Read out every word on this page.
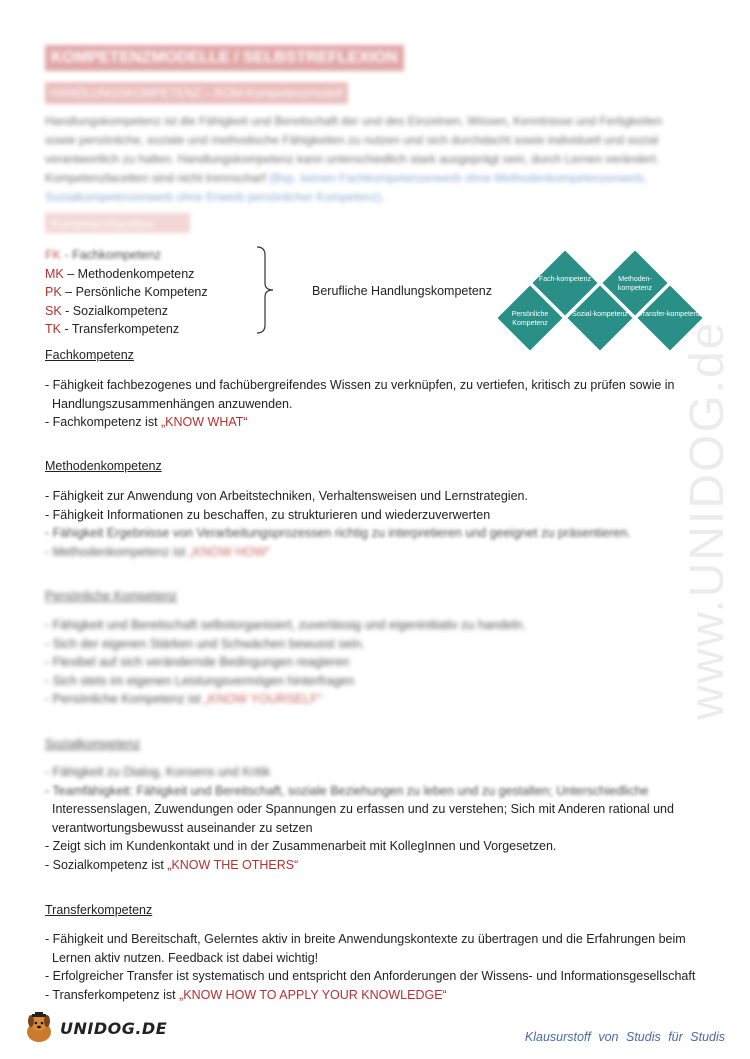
www.UNIDOG.de
KOMPETENZMODELLE / SELBSTREFLEXION
HANDLUNGSKOMPETENZ – ROM-Kompetenzmodell

Handlungskompetenz ist die Fähigkeit und Bereitschaft der und des Einzelnen, Wissen, Kenntnisse und Fertigkeiten sowie persönliche, soziale und methodische Fähigkeiten zu nutzen und sich durchdacht sowie individuell und sozial verantwortlich zu halten. Handlungskompetenz kann unterschiedlich stark ausgeprägt sein, durch Lernen verändert. Kompetenzfacetten sind nicht trennscharf (Bsp. keinen Fachkompetenzerwerb ohne Methodenkompetenzerwerb, Sozialkompetenzerwerb ohne Erwerb persönlicher Kompetenz).

Kompetenzfacetten
FK - Fachkompetenz
MK – Methodenkompetenz
PK – Persönliche Kompetenz
SK - Sozialkompetenz
TK - Transferkompetenz
Berufliche Handlungskompetenz
Fach-kompetenz	Methoden-kompetenz
Persönliche Kompetenz
Sozial-kompetenz	Transfer-kompetenz
Fachkompetenz
- Fähigkeit fachbezogenes und fachübergreifendes Wissen zu verknüpfen, zu vertiefen, kritisch zu prüfen sowie in
Handlungszusammenhängen anzuwenden.
- Fachkompetenz ist „KNOW WHAT“
Methodenkompetenz
- Fähigkeit zur Anwendung von Arbeitstechniken, Verhaltensweisen und Lernstrategien.
- Fähigkeit Informationen zu beschaffen, zu strukturieren und wiederzuverwerten
- Fähigkeit Ergebnisse von Verarbeitungsprozessen richtig zu interpretieren und geeignet zu präsentieren.
- Methodenkompetenz ist „KNOW HOW“
Persönliche Kompetenz
- Fähigkeit und Bereitschaft selbstorganisiert, zuverlässig und eigeninitiativ zu handeln.
- Sich der eigenen Stärken und Schwächen bewusst sein.
- Flexibel auf sich verändernde Bedingungen reagieren
- Sich stets im eigenen Leistungsvermögen hinterfragen
- Persönliche Kompetenz ist „KNOW YOURSELF“
Sozialkompetenz
- Fähigkeit zu Dialog, Konsens und Kritik
- Teamfähigkeit: Fähigkeit und Bereitschaft, soziale Beziehungen zu leben und zu gestalten; Unterschiedliche
Interessenslagen, Zuwendungen oder Spannungen zu erfassen und zu verstehen; Sich mit Anderen rational und
verantwortungsbewusst auseinander zu setzen
- Zeigt sich im Kundenkontakt und in der Zusammenarbeit mit KollegInnen und Vorgesetzen.
- Sozialkompetenz ist „KNOW THE OTHERS“
Transferkompetenz
- Fähigkeit und Bereitschaft, Gelerntes aktiv in breite Anwendungskontexte zu übertragen und die Erfahrungen beim
Lernen aktiv nutzen. Feedback ist dabei wichtig!
- Erfolgreicher Transfer ist systematisch und entspricht den Anforderungen der Wissens- und Informationsgesellschaft
- Transferkompetenz ist „KNOW HOW TO APPLY YOUR KNOWLEDGE“
UNIDOG.DE	Klausurstoff von Studis für Studis
